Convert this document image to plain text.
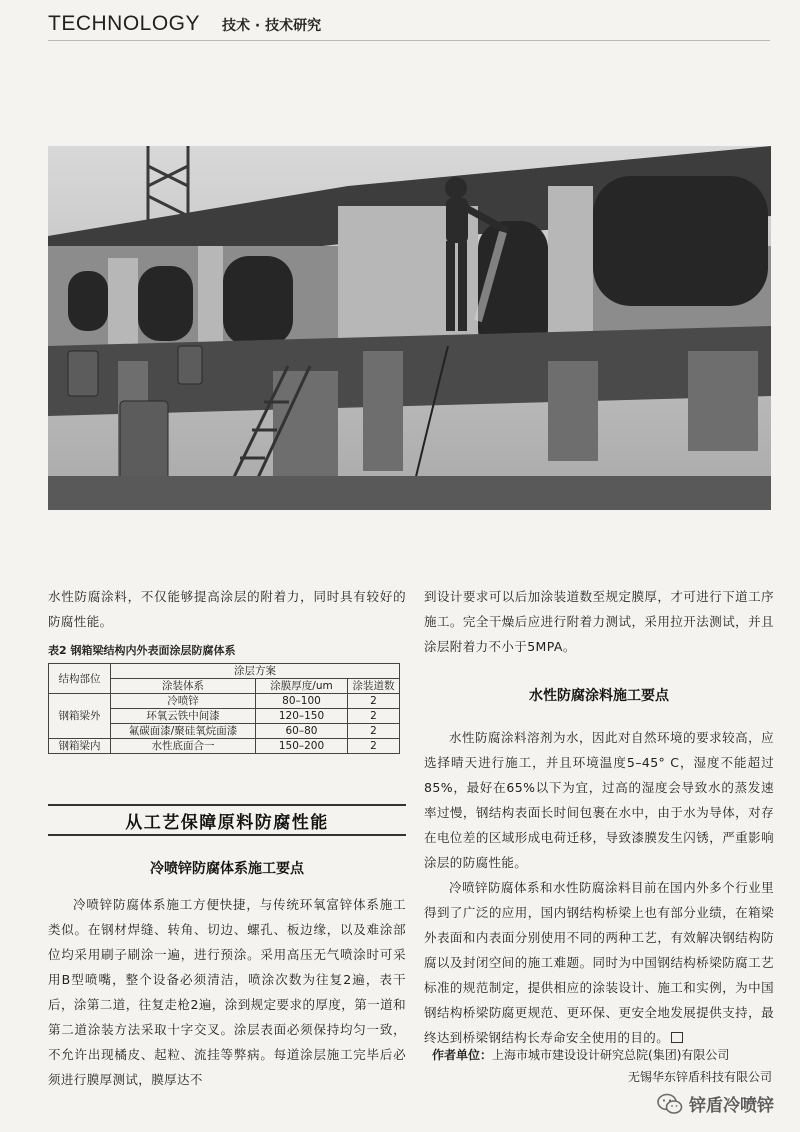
TECHNOLOGY 技术 · 技术研究

水性防腐涂料，不仅能够提高涂层的附着力，同时具有较好的防腐性能。

表2 钢箱梁结构内外表面涂层防腐体系
结构部位	涂层方案		
	涂装体系	涂膜厚度/um	涂装道数
钢箱梁外	冷喷锌	80–100	2
	环氧云铁中间漆	120–150	2
	氟碳面漆/聚硅氧烷面漆	60–80	2
钢箱梁内	水性底面合一	150–200	2
从工艺保障原料防腐性能
冷喷锌防腐体系施工要点

冷喷锌防腐体系施工方便快捷，与传统环氧富锌体系施工类似。在钢材焊缝、转角、切边、螺孔、板边缘，以及难涂部位均采用刷子刷涂一遍，进行预涂。采用高压无气喷涂时可采用B型喷嘴，整个设备必须清洁，喷涂次数为往复2遍，表干后，涂第二道，往复走枪2遍，涂到规定要求的厚度，第一道和第二道涂装方法采取十字交叉。涂层表面必须保持均匀一致，不允许出现橘皮、起粒、流挂等弊病。每道涂层施工完毕后必须进行膜厚测试，膜厚达不

到设计要求可以后加涂装道数至规定膜厚，才可进行下道工序施工。完全干燥后应进行附着力测试，采用拉开法测试，并且涂层附着力不小于5MPA。

水性防腐涂料施工要点

水性防腐涂料溶剂为水，因此对自然环境的要求较高，应选择晴天进行施工，并且环境温度5–45° C，湿度不能超过85%，最好在65%以下为宜，过高的湿度会导致水的蒸发速率过慢，钢结构表面长时间包裹在水中，由于水为导体，对存在电位差的区域形成电荷迁移，导致漆膜发生闪锈，严重影响涂层的防腐性能。

冷喷锌防腐体系和水性防腐涂料目前在国内外多个行业里得到了广泛的应用，国内钢结构桥梁上也有部分业绩，在箱梁外表面和内表面分别使用不同的两种工艺，有效解决钢结构防腐以及封闭空间的施工难题。同时为中国钢结构桥梁防腐工艺标准的规范制定，提供相应的涂装设计、施工和实例，为中国钢结构桥梁防腐更规范、更环保、更安全地发展提供支持，最终达到桥梁钢结构长寿命安全使用的目的。

作者单位：上海市城市建设设计研究总院(集团)有限公司
无锡华东锌盾科技有限公司
锌盾冷喷锌
